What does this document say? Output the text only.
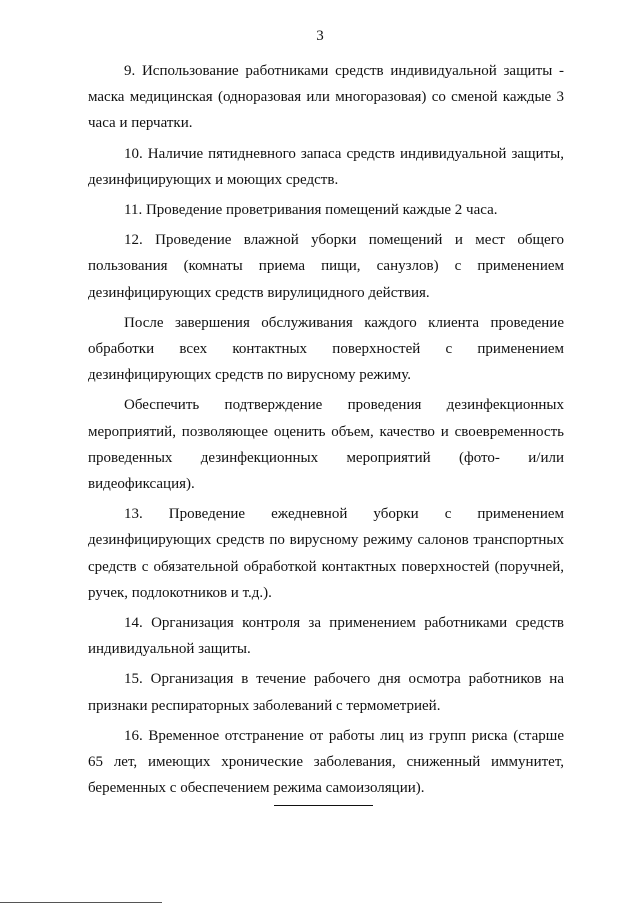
3

9. Использование работниками средств индивидуальной защиты - маска медицинская (одноразовая или многоразовая) со сменой каждые 3 часа и перчатки.

10. Наличие пятидневного запаса средств индивидуальной защиты, дезинфицирующих и моющих средств.

11. Проведение проветривания помещений каждые 2 часа.

12. Проведение влажной уборки помещений и мест общего пользования (комнаты приема пищи, санузлов) с применением дезинфицирующих средств вирулицидного действия.

После завершения обслуживания каждого клиента проведение обработки всех контактных поверхностей с применением дезинфицирующих средств по вирусному режиму.

Обеспечить подтверждение проведения дезинфекционных мероприятий, позволяющее оценить объем, качество и своевременность проведенных дезинфекционных мероприятий (фото- и/или видеофиксация).

13. Проведение ежедневной уборки с применением дезинфицирующих средств по вирусному режиму салонов транспортных средств с обязательной обработкой контактных поверхностей (поручней, ручек, подлокотников и т.д.).

14. Организация контроля за применением работниками средств индивидуальной защиты.

15. Организация в течение рабочего дня осмотра работников на признаки респираторных заболеваний с термометрией.

16. Временное отстранение от работы лиц из групп риска (старше 65 лет, имеющих хронические заболевания, сниженный иммунитет, беременных с обеспечением режима самоизоляции).
